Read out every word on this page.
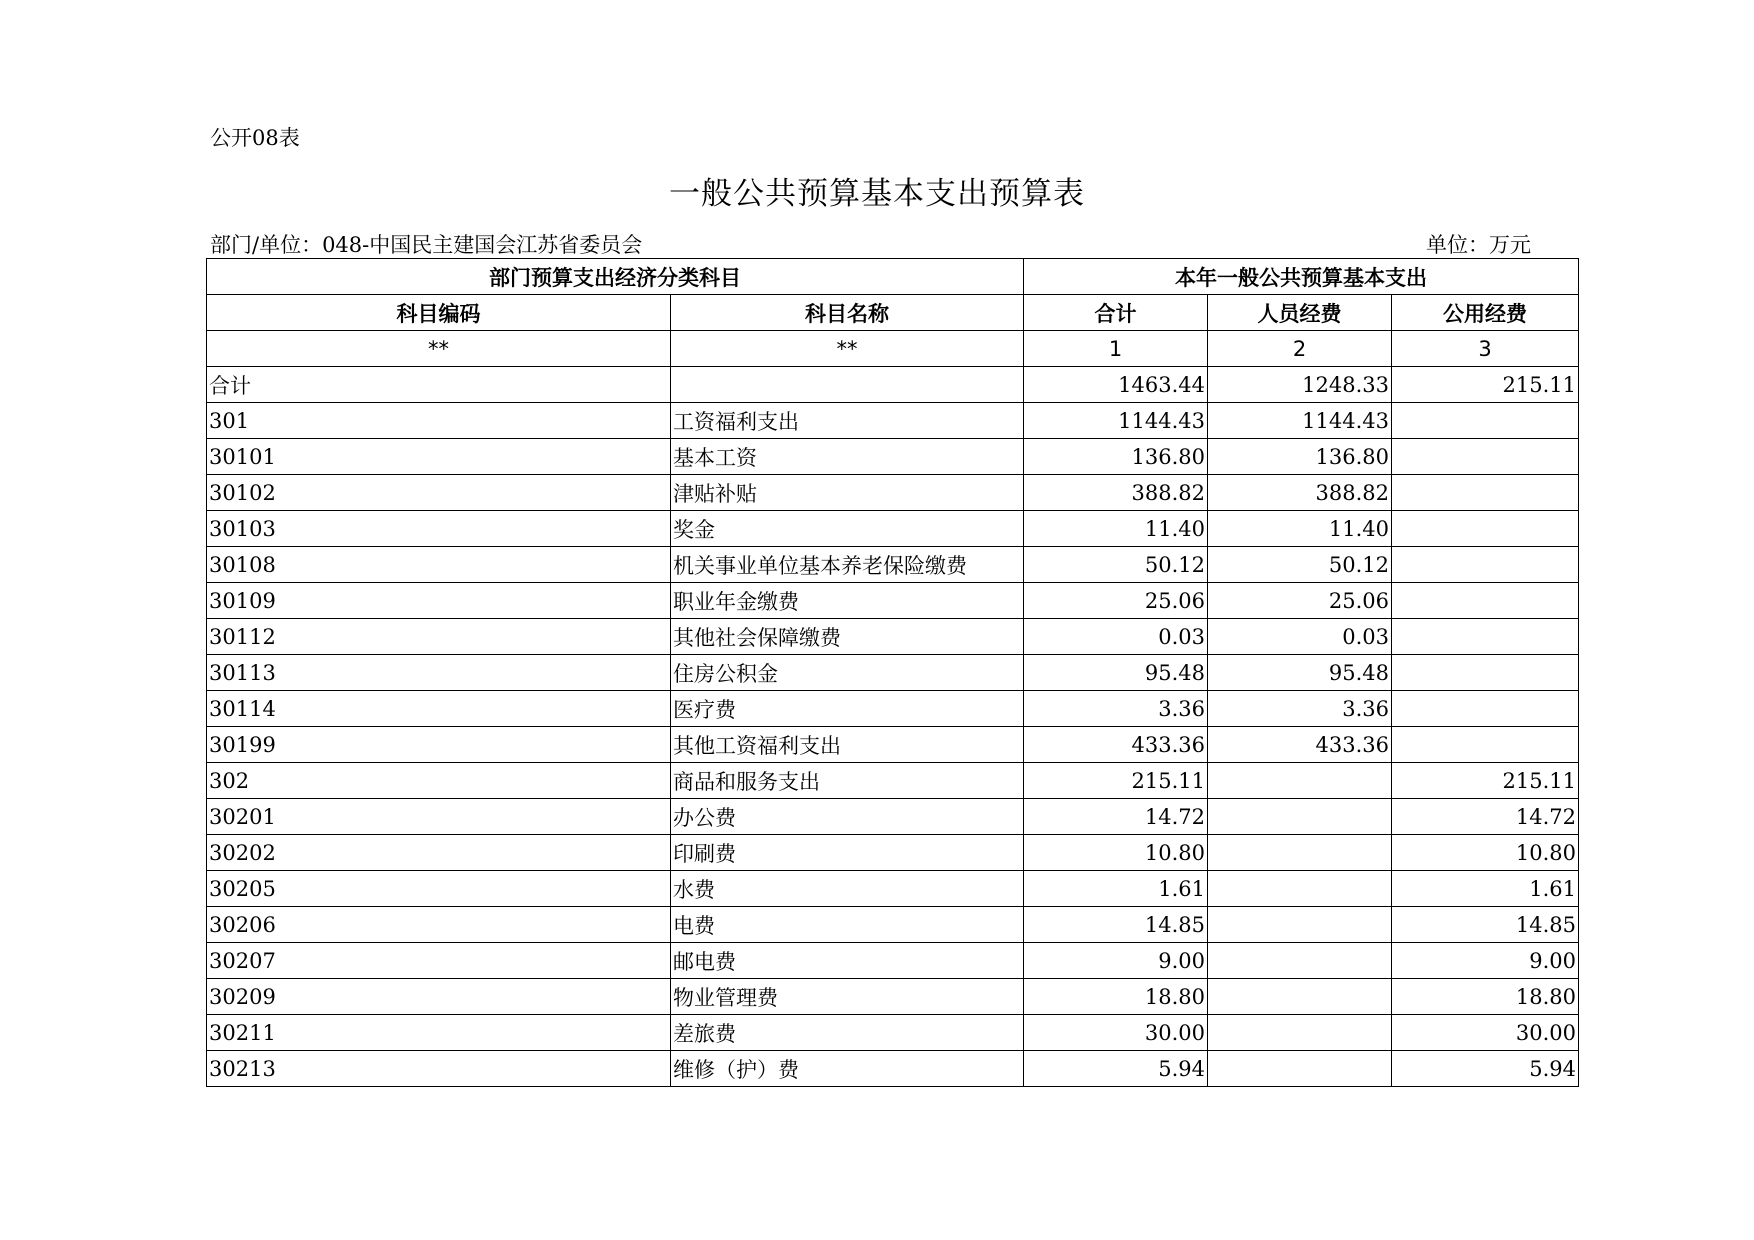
公开08表
一般公共预算基本支出预算表
部门/单位：048-中国民主建国会江苏省委员会	单位：万元
部门预算支出经济分类科目		本年一般公共预算基本支出		
科目编码	科目名称	合计	人员经费	公用经费
**	**	1	2	3
合计		1463.44	1248.33	215.11
301	工资福利支出	1144.43	1144.43	
30101	基本工资	136.80	136.80	
30102	津贴补贴	388.82	388.82	
30103	奖金	11.40	11.40	
30108	机关事业单位基本养老保险缴费	50.12	50.12	
30109	职业年金缴费	25.06	25.06	
30112	其他社会保障缴费	0.03	0.03	
30113	住房公积金	95.48	95.48	
30114	医疗费	3.36	3.36	
30199	其他工资福利支出	433.36	433.36	
302	商品和服务支出	215.11		215.11
30201	办公费	14.72		14.72
30202	印刷费	10.80		10.80
30205	水费	1.61		1.61
30206	电费	14.85		14.85
30207	邮电费	9.00		9.00
30209	物业管理费	18.80		18.80
30211	差旅费	30.00		30.00
30213	维修（护）费	5.94		5.94
